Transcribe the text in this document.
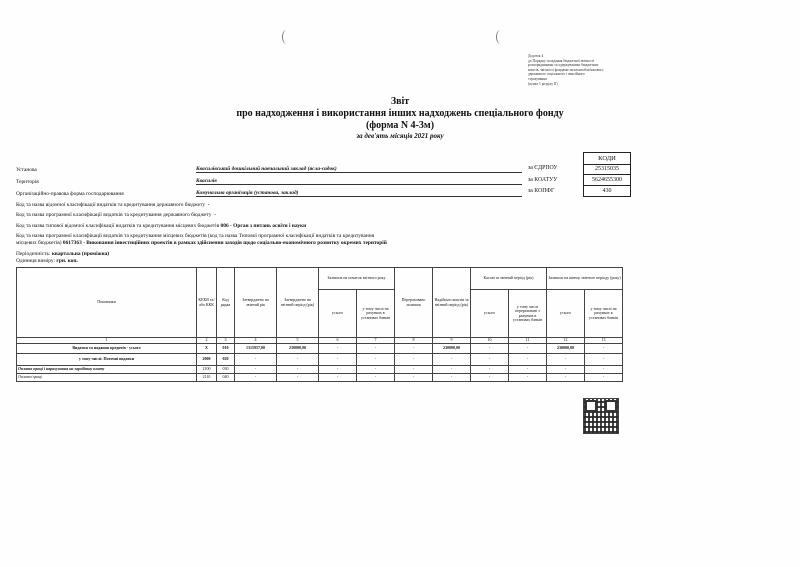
Додаток 4
до Порядку складання бюджетної звітності
розпорядниками та одержувачами бюджетних
коштів, звітності фондами загальнообов'язкового
державного соціального і пенсійного
страхування
(пункт 1 розділу II)
Звіт
про надходження і використання інших надходжень спеціального фонду
(форма N 4-3м)
за дев'ять місяців 2021 року
КОДИ
Установа	Квасилівський дошкільний навчальний заклад (ясла-садок)	за ЄДРПОУ	25315035
Територія	Квасилів	за КОАТУУ	5624655300
Організаційно-правова форма господарювання	Комунальна організація (установа, заклад)	за КОПФГ	430
Код та назва відомчої класифікації видатків та кредитування державного бюджету -
Код та назва програмної класифікації видатків та кредитування державного бюджету -
Код та назва типової відомчої класифікації видатків та кредитування місцевих бюджетів 006 - Орган з питань освіти і науки
Код та назва програмної класифікації видатків та кредитування місцевих бюджетів (код та назва Типової програмної класифікації видатків та кредитування
місцевих бюджетів) 0617363 - Виконання інвестиційних проектів в рамках здійснення заходів щодо соціально-економічного розвитку окремих територій
Періодичність: квартальна (проміжна)
Одиниця виміру: грн. коп.
Показники	КЕКВ та/або ККК	Код рядка	Затверджено на звітний рік	Затверджено на звітний період (рік)	Залишок на початок звітного року		Перераховано залишок	Надійшло коштів за звітний період (рік)	Касові за звітний період (рік)		Залишок на кінець звітного періоду (року)	
					усього	у тому числі на рахунках в установах банків			усього	у тому числі перераховані з рахунків в установах банків	усього	у тому числі на рахунках в установах банків
1	2	3	4	5	6	7	8	9	10	11	12	13
Видатки та надання кредитів - усього	X	010	1315957,00	230000,00	-	-	-	230000,00	-	-	230000,00	-
у тому числі: Поточні видатки	2000	020	-	-	-	-	-	-	-	-	-	-
Оплата праці і нарахування на заробітну плату	2100	030	-	-	-	-	-	-	-	-	-	-
Оплата праці	2110	040	-	-	-	-	-	-	-	-	-	-
